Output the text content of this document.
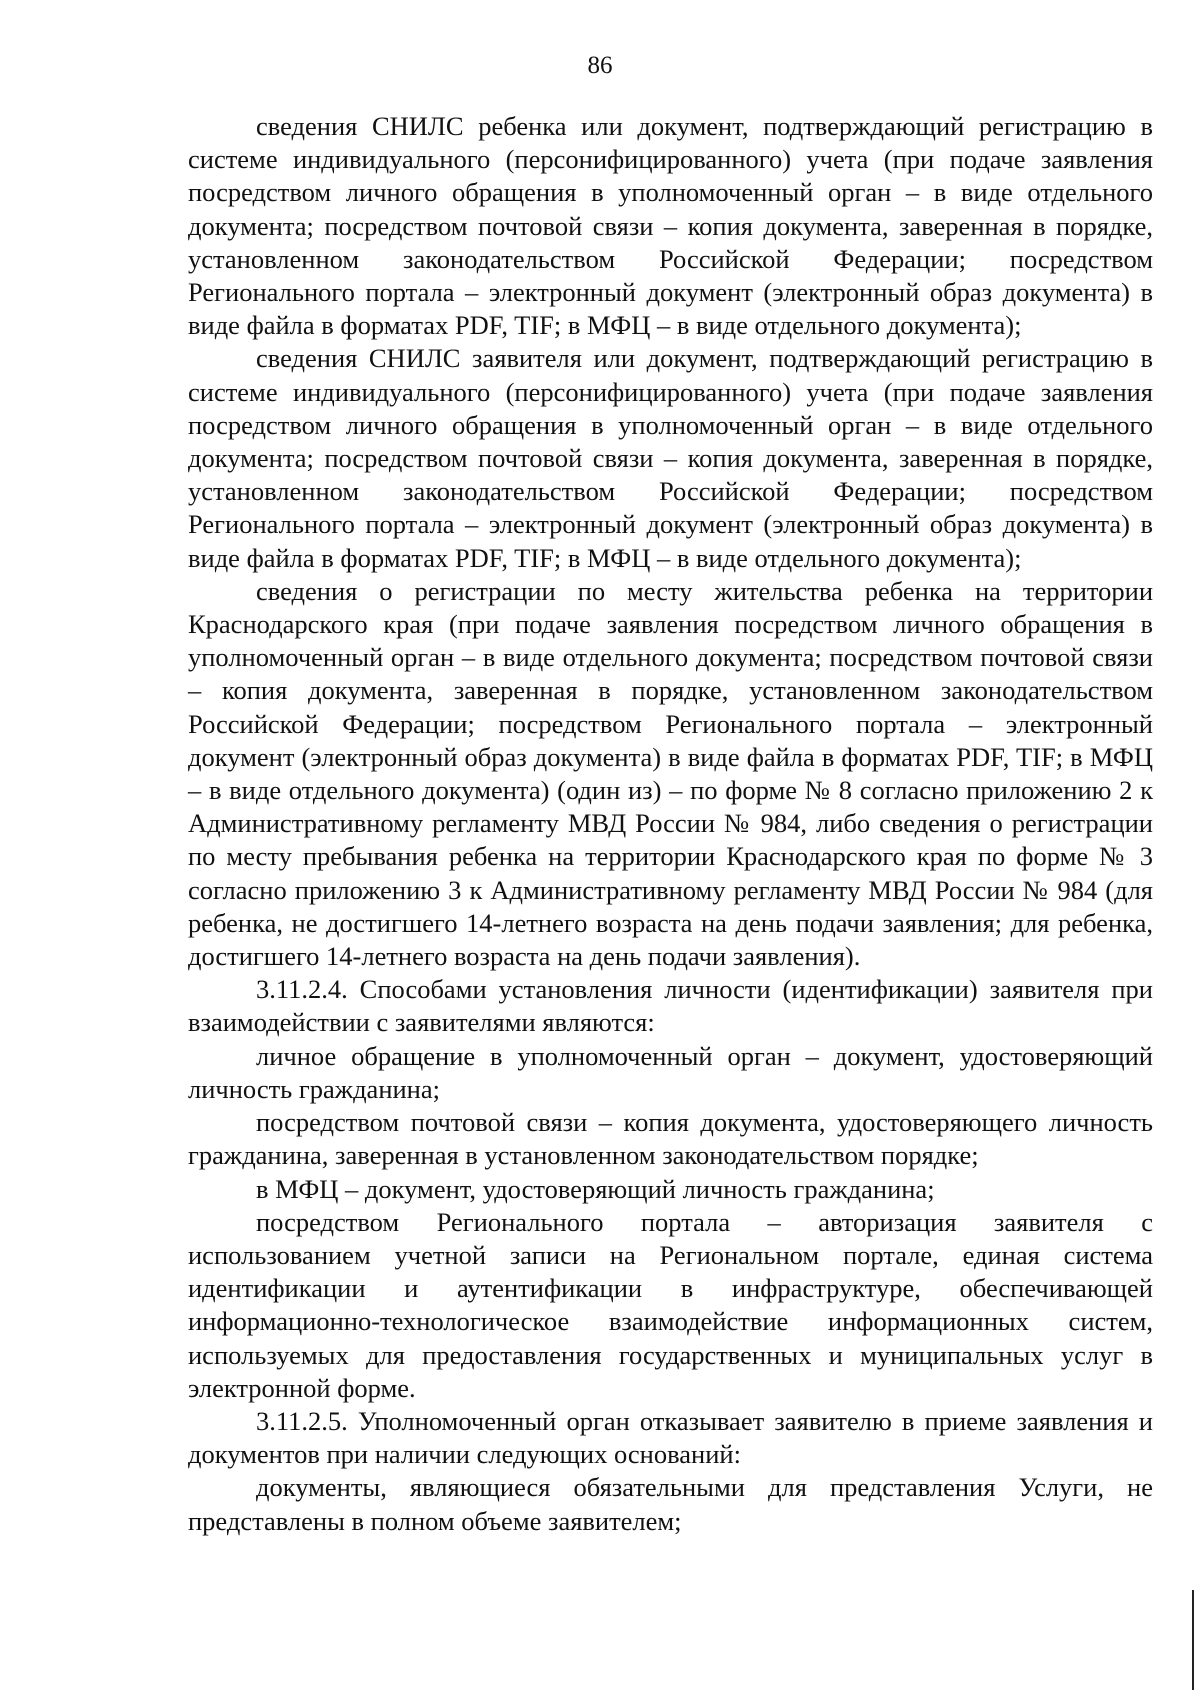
86

сведения СНИЛС ребенка или документ, подтверждающий регистрацию в системе индивидуального (персонифицированного) учета (при подаче заявления посредством личного обращения в уполномоченный орган – в виде отдельного документа; посредством почтовой связи – копия документа, заверенная в порядке, установленном законодательством Российской Федерации; посредством Регионального портала – электронный документ (электронный образ документа) в виде файла в форматах PDF, TIF; в МФЦ – в виде отдельного документа);

сведения СНИЛС заявителя или документ, подтверждающий регистрацию в системе индивидуального (персонифицированного) учета (при подаче заявления посредством личного обращения в уполномоченный орган – в виде отдельного документа; посредством почтовой связи – копия документа, заверенная в порядке, установленном законодательством Российской Федерации; посредством Регионального портала – электронный документ (электронный образ документа) в виде файла в форматах PDF, TIF; в МФЦ – в виде отдельного документа);

сведения о регистрации по месту жительства ребенка на территории Краснодарского края (при подаче заявления посредством личного обращения в уполномоченный орган – в виде отдельного документа; посредством почтовой связи – копия документа, заверенная в порядке, установленном законодательством Российской Федерации; посредством Регионального портала – электронный документ (электронный образ документа) в виде файла в форматах PDF, TIF; в МФЦ – в виде отдельного документа) (один из) – по форме № 8 согласно приложению 2 к Административному регламенту МВД России № 984, либо сведения о регистрации по месту пребывания ребенка на территории Краснодарского края по форме № 3 согласно приложению 3 к Административному регламенту МВД России № 984 (для ребенка, не достигшего 14-летнего возраста на день подачи заявления; для ребенка, достигшего 14-летнего возраста на день подачи заявления).

3.11.2.4. Способами установления личности (идентификации) заявителя при взаимодействии с заявителями являются:

личное обращение в уполномоченный орган – документ, удостоверяющий личность гражданина;

посредством почтовой связи – копия документа, удостоверяющего личность гражданина, заверенная в установленном законодательством порядке;

в МФЦ – документ, удостоверяющий личность гражданина;

посредством Регионального портала – авторизация заявителя с использованием учетной записи на Региональном портале, единая система идентификации и аутентификации в инфраструктуре, обеспечивающей информационно-технологическое взаимодействие информационных систем, используемых для предоставления государственных и муниципальных услуг в электронной форме.

3.11.2.5. Уполномоченный орган отказывает заявителю в приеме заявления и документов при наличии следующих оснований:

документы, являющиеся обязательными для представления Услуги, не представлены в полном объеме заявителем;
